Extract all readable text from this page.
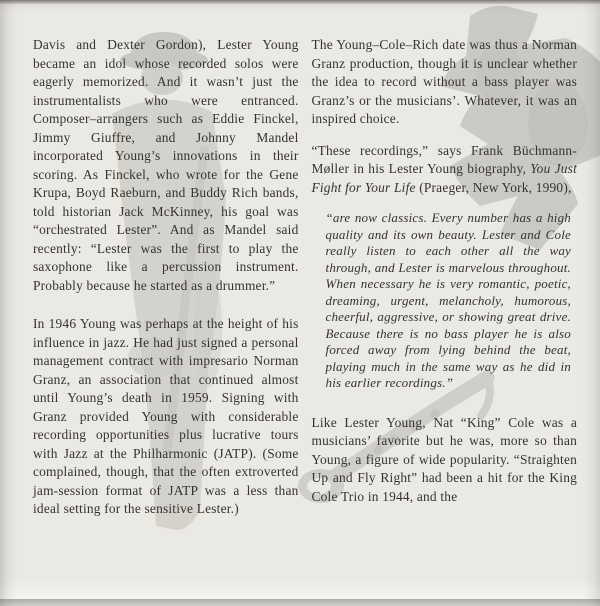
Davis and Dexter Gordon), Lester Young became an idol whose recorded solos were eagerly memorized. And it wasn’t just the instrumentalists who were entranced. Composer–arrangers such as Eddie Finckel, Jimmy Giuffre, and Johnny Mandel incorporated Young’s innovations in their scoring. As Finckel, who wrote for the Gene Krupa, Boyd Raeburn, and Buddy Rich bands, told historian Jack McKinney, his goal was “orchestrated Lester”. And as Mandel said recently: “Lester was the first to play the saxophone like a percussion instrument. Probably because he started as a drummer.”

In 1946 Young was perhaps at the height of his influence in jazz. He had just signed a personal management contract with impresario Norman Granz, an association that continued almost until Young’s death in 1959. Signing with Granz provided Young with considerable recording opportunities plus lucrative tours with Jazz at the Philharmonic (JATP). (Some complained, though, that the often extroverted jam-session format of JATP was a less than ideal setting for the sensitive Lester.)

The Young–Cole–Rich date was thus a Norman Granz production, though it is unclear whether the idea to record without a bass player was Granz’s or the musicians’. Whatever, it was an inspired choice.

“These recordings,” says Frank Büchmann-Møller in his Lester Young biography, You Just Fight for Your Life (Praeger, New York, 1990),

“are now classics. Every number has a high quality and its own beauty. Lester and Cole really listen to each other all the way through, and Lester is marvelous throughout. When necessary he is very romantic, poetic, dreaming, urgent, melancholy, humorous, cheerful, aggressive, or showing great drive. Because there is no bass player he is also forced away from lying behind the beat, playing much in the same way as he did in his earlier recordings.”

Like Lester Young, Nat “King” Cole was a musicians’ favorite but he was, more so than Young, a figure of wide popularity. “Straighten Up and Fly Right” had been a hit for the King Cole Trio in 1944, and the
